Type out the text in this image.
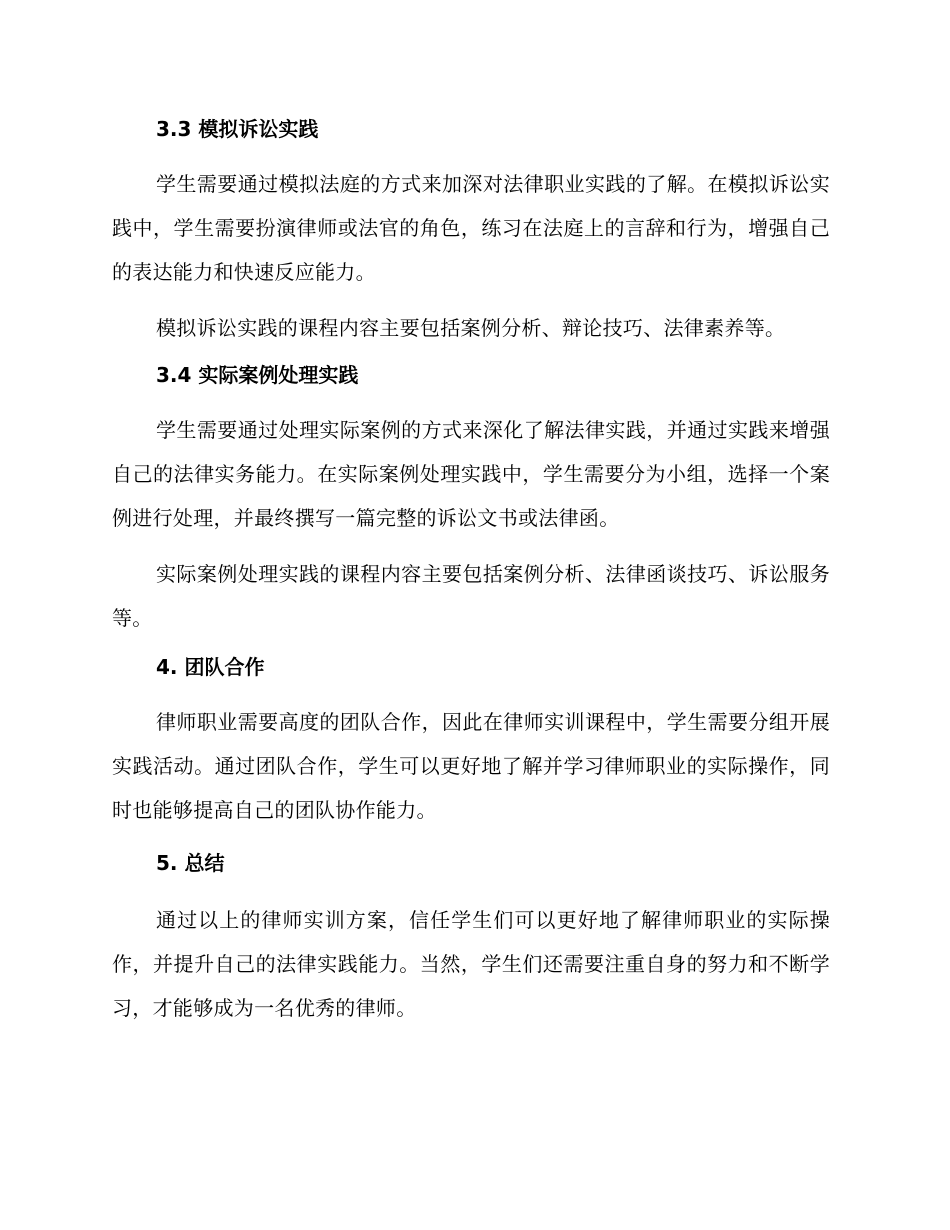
3.3 模拟诉讼实践

学生需要通过模拟法庭的方式来加深对法律职业实践的了解。在模拟诉讼实践中，学生需要扮演律师或法官的角色，练习在法庭上的言辞和行为，增强自己的表达能力和快速反应能力。

模拟诉讼实践的课程内容主要包括案例分析、辩论技巧、法律素养等。

3.4 实际案例处理实践

学生需要通过处理实际案例的方式来深化了解法律实践，并通过实践来增强自己的法律实务能力。在实际案例处理实践中，学生需要分为小组，选择一个案例进行处理，并最终撰写一篇完整的诉讼文书或法律函。

实际案例处理实践的课程内容主要包括案例分析、法律函谈技巧、诉讼服务等。

4. 团队合作

律师职业需要高度的团队合作，因此在律师实训课程中，学生需要分组开展实践活动。通过团队合作，学生可以更好地了解并学习律师职业的实际操作，同时也能够提高自己的团队协作能力。

5. 总结

通过以上的律师实训方案，信任学生们可以更好地了解律师职业的实际操作，并提升自己的法律实践能力。当然，学生们还需要注重自身的努力和不断学习，才能够成为一名优秀的律师。
